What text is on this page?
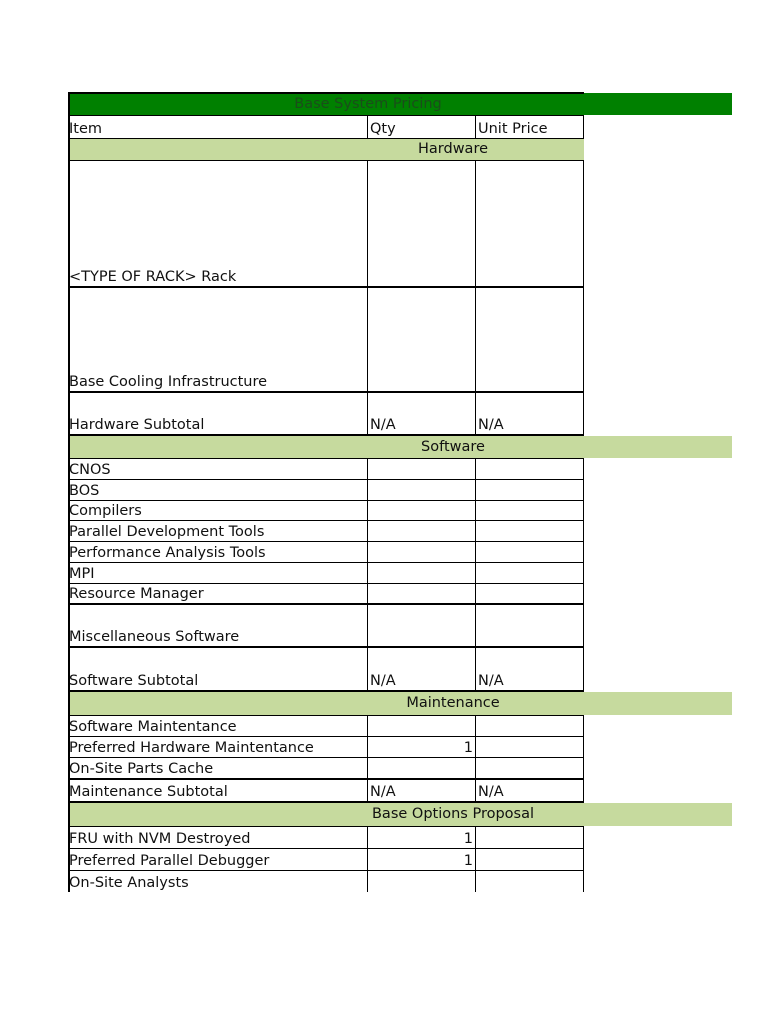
Base System Pricing
Item	Qty	Unit Price
Hardware
<TYPE OF RACK> Rack
Base Cooling Infrastructure
Hardware Subtotal	N/A	N/A
Software
CNOS
BOS
Compilers
Parallel Development Tools
Performance Analysis Tools
MPI
Resource Manager
Miscellaneous Software
Software Subtotal	N/A	N/A
Maintenance
Software Maintentance
Preferred Hardware Maintentance	1
On-Site Parts Cache
Maintenance Subtotal	N/A	N/A
Base Options Proposal
FRU with NVM Destroyed	1
Preferred Parallel Debugger	1
On-Site Analysts
